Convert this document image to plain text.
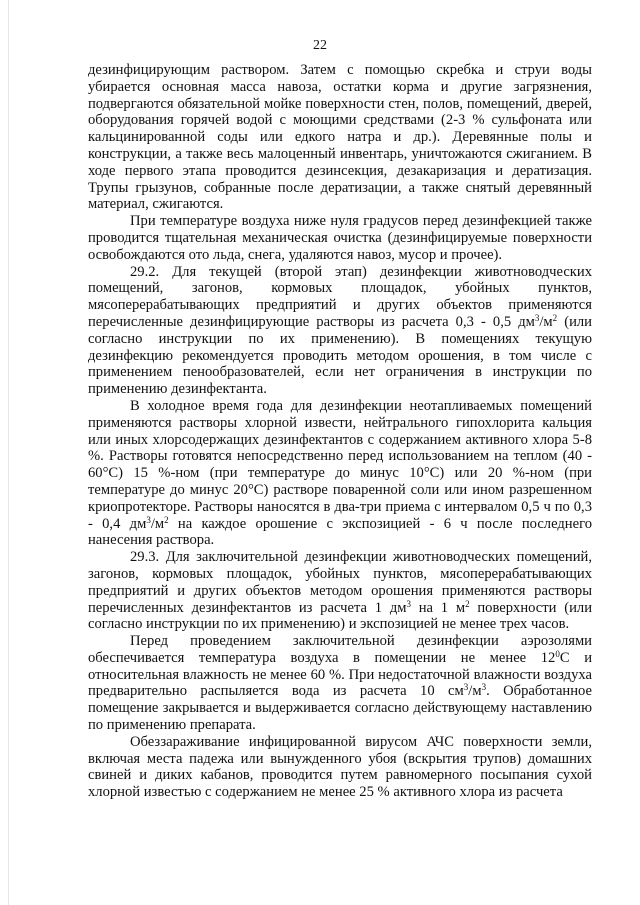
22

дезинфицирующим раствором. Затем с помощью скребка и струи воды убирается основная масса навоза, остатки корма и другие загрязнения, подвергаются обязательной мойке поверхности стен, полов, помещений, дверей, оборудования горячей водой с моющими средствами (2-3 % сульфоната или кальцинированной соды или едкого натра и др.). Деревянные полы и конструкции, а также весь малоценный инвентарь, уничтожаются сжиганием. В ходе первого этапа проводится дезинсекция, дезакаризация и дератизация. Трупы грызунов, собранные после дератизации, а также снятый деревянный материал, сжигаются.

При температуре воздуха ниже нуля градусов перед дезинфекцией также проводится тщательная механическая очистка (дезинфицируемые поверхности освобождаются ото льда, снега, удаляются навоз, мусор и прочее).

29.2. Для текущей (второй этап) дезинфекции животноводческих помещений, загонов, кормовых площадок, убойных пунктов, мясоперерабатывающих предприятий и других объектов применяются перечисленные дезинфицирующие растворы из расчета 0,3 - 0,5 $дм^3/м^2$ (или согласно инструкции по их применению). В помещениях текущую дезинфекцию рекомендуется проводить методом орошения, в том числе с применением пенообразователей, если нет ограничения в инструкции по применению дезинфектанта.

В холодное время года для дезинфекции неотапливаемых помещений применяются растворы хлорной извести, нейтрального гипохлорита кальция или иных хлорсодержащих дезинфектантов с содержанием активного хлора 5-8 %. Растворы готовятся непосредственно перед использованием на теплом (40 - 60°С) 15 %-ном (при температуре до минус 10°С) или 20 %-ном (при температуре до минус 20°С) растворе поваренной соли или ином разрешенном криопротекторе. Растворы наносятся в два-три приема с интервалом 0,5 ч по 0,3 - 0,4 $дм^3/м^2$ на каждое орошение с экспозицией - 6 ч после последнего нанесения раствора.

29.3. Для заключительной дезинфекции животноводческих помещений, загонов, кормовых площадок, убойных пунктов, мясоперерабатывающих предприятий и других объектов методом орошения применяются растворы перечисленных дезинфектантов из расчета 1 $дм^3$ на 1 $м^2$ поверхности (или согласно инструкции по их применению) и экспозицией не менее трех часов.

Перед проведением заключительной дезинфекции аэрозолями обеспечивается температура воздуха в помещении не менее $12^0С$ и относительная влажность не менее 60 %. При недостаточной влажности воздуха предварительно распыляется вода из расчета 10 $см^3/м^3$. Обработанное помещение закрывается и выдерживается согласно действующему наставлению по применению препарата.

Обеззараживание инфицированной вирусом АЧС поверхности земли, включая места падежа или вынужденного убоя (вскрытия трупов) домашних свиней и диких кабанов, проводится путем равномерного посыпания сухой хлорной известью с содержанием не менее 25 % активного хлора из расчета
